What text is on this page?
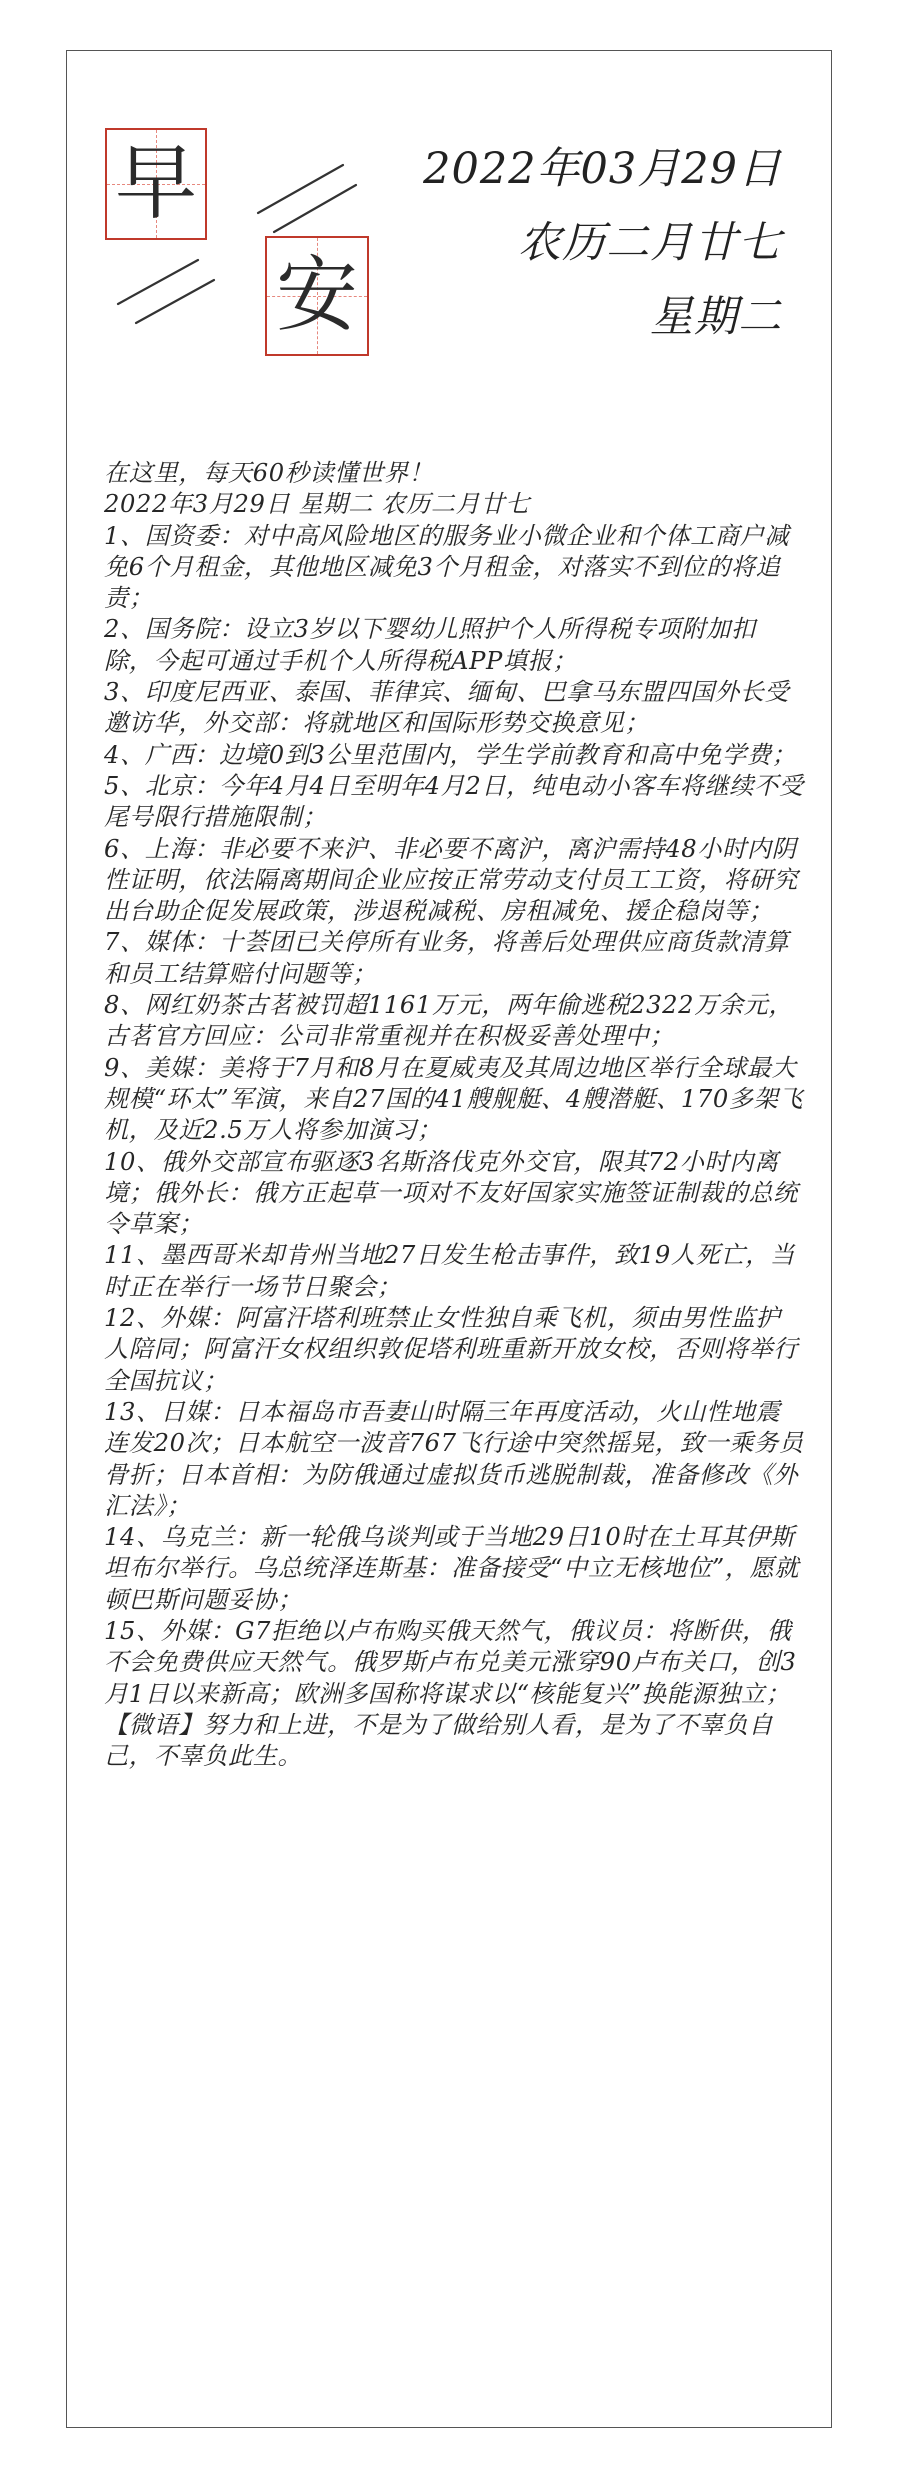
早
安
2022年03月29日
农历二月廿七
星期二

在这里，每天60秒读懂世界！

2022年3月29日 星期二 农历二月廿七

1、国资委：对中高风险地区的服务业小微企业和个体工商户减免6个月租金，其他地区减免3个月租金，对落实不到位的将追责；

2、国务院：设立3岁以下婴幼儿照护个人所得税专项附加扣除，今起可通过手机个人所得税APP填报；

3、印度尼西亚、泰国、菲律宾、缅甸、巴拿马东盟四国外长受邀访华，外交部：将就地区和国际形势交换意见；

4、广西：边境0到3公里范围内，学生学前教育和高中免学费；

5、北京：今年4月4日至明年4月2日，纯电动小客车将继续不受尾号限行措施限制；

6、上海：非必要不来沪、非必要不离沪，离沪需持48小时内阴性证明，依法隔离期间企业应按正常劳动支付员工工资，将研究出台助企促发展政策，涉退税减税、房租减免、援企稳岗等；

7、媒体：十荟团已关停所有业务，将善后处理供应商货款清算和员工结算赔付问题等；

8、网红奶茶古茗被罚超1161万元，两年偷逃税2322万余元，古茗官方回应：公司非常重视并在积极妥善处理中；

9、美媒：美将于7月和8月在夏威夷及其周边地区举行全球最大规模“环太”军演，来自27国的41艘舰艇、4艘潜艇、170多架飞机，及近2.5万人将参加演习；

10、俄外交部宣布驱逐3名斯洛伐克外交官，限其72小时内离境；俄外长：俄方正起草一项对不友好国家实施签证制裁的总统令草案；

11、墨西哥米却肯州当地27日发生枪击事件，致19人死亡，当时正在举行一场节日聚会；

12、外媒：阿富汗塔利班禁止女性独自乘飞机，须由男性监护人陪同；阿富汗女权组织敦促塔利班重新开放女校，否则将举行全国抗议；

13、日媒：日本福岛市吾妻山时隔三年再度活动，火山性地震连发20次；日本航空一波音767飞行途中突然摇晃，致一乘务员骨折；日本首相：为防俄通过虚拟货币逃脱制裁，准备修改《外汇法》；

14、乌克兰：新一轮俄乌谈判或于当地29日10时在土耳其伊斯坦布尔举行。乌总统泽连斯基：准备接受“中立无核地位”，愿就顿巴斯问题妥协；

15、外媒：G7拒绝以卢布购买俄天然气，俄议员：将断供，俄不会免费供应天然气。俄罗斯卢布兑美元涨穿90卢布关口，创3月1日以来新高；欧洲多国称将谋求以“核能复兴”换能源独立；

【微语】努力和上进，不是为了做给别人看，是为了不辜负自己，不辜负此生。
